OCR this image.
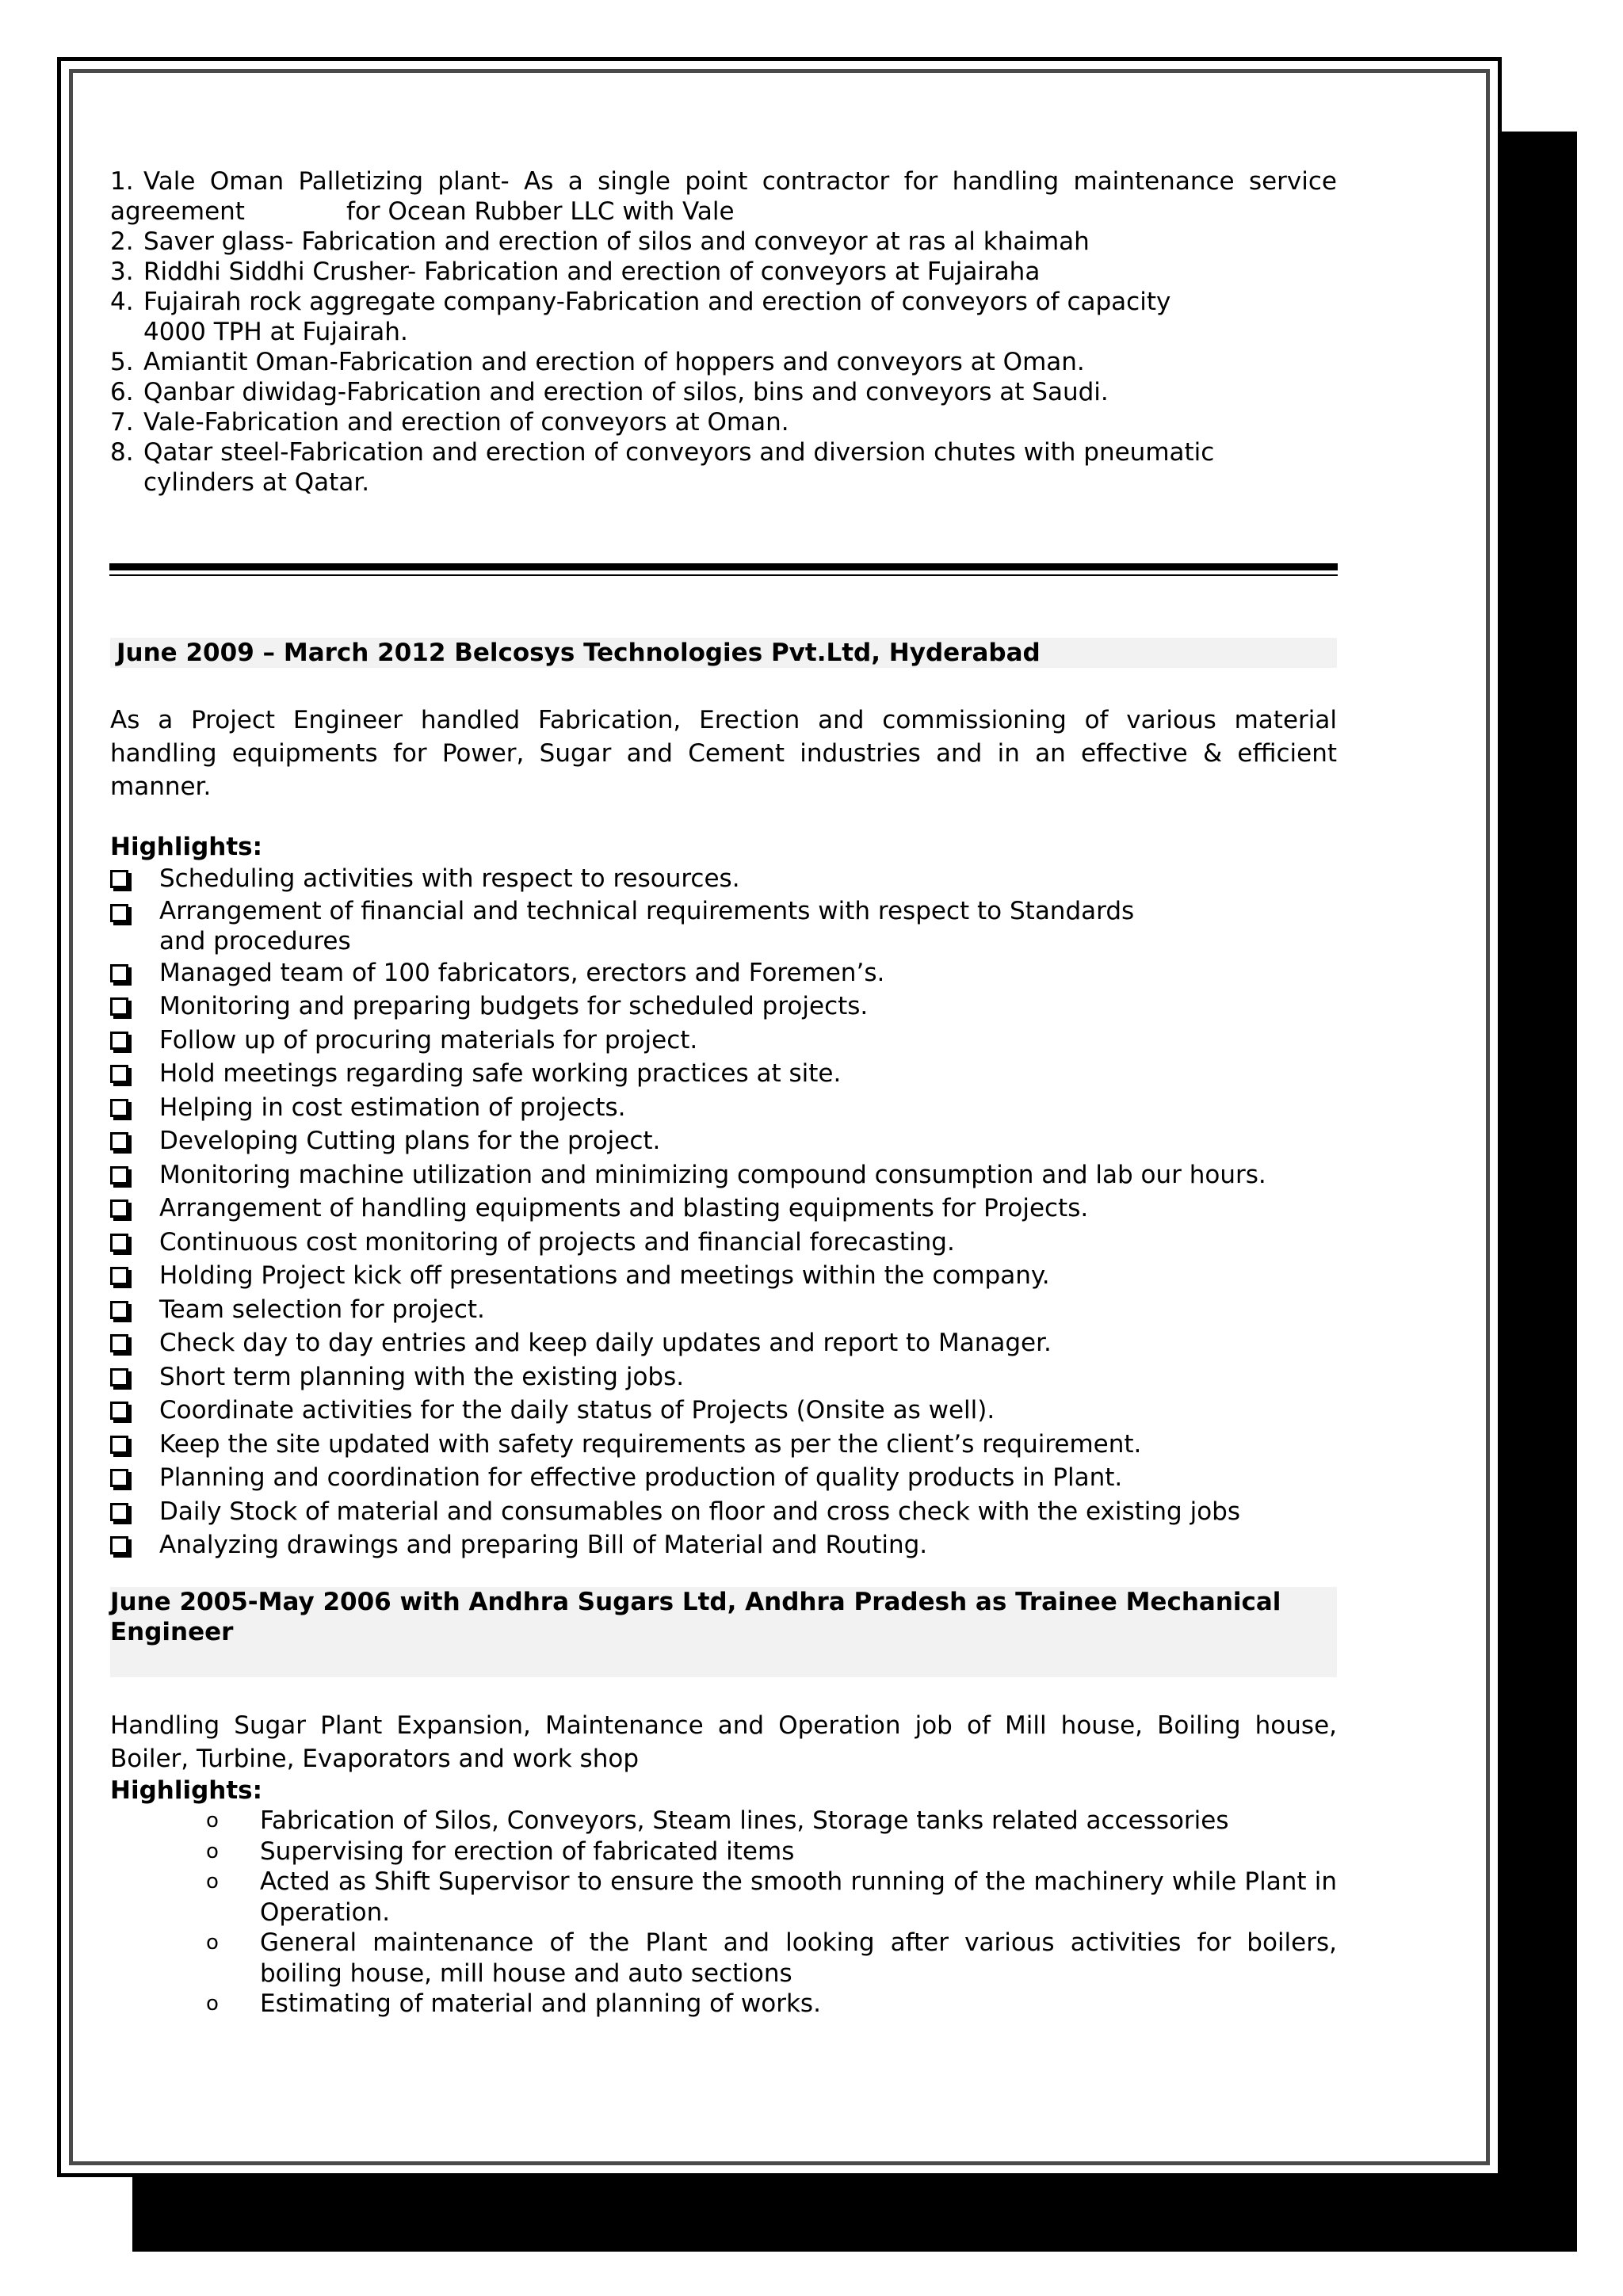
1. Vale Oman Palletizing plant- As a single point contractor for handling maintenance service
agreement             for Ocean Rubber LLC with Vale
2. Saver glass- Fabrication and erection of silos and conveyor at ras al khaimah
3. Riddhi Siddhi Crusher- Fabrication and erection of conveyors at Fujairaha
4. Fujairah rock aggregate company-Fabrication and erection of conveyors of capacity
4000 TPH at Fujairah.
5. Amiantit Oman-Fabrication and erection of hoppers and conveyors at Oman.
6. Qanbar diwidag-Fabrication and erection of silos, bins and conveyors at Saudi.
7. Vale-Fabrication and erection of conveyors at Oman.
8. Qatar steel-Fabrication and erection of conveyors and diversion chutes with pneumatic
cylinders at Qatar.
June 2009 – March 2012 Belcosys Technologies Pvt.Ltd, Hyderabad

As a Project Engineer handled Fabrication, Erection and commissioning of various material handling equipments for Power, Sugar and Cement industries and in an effective & efficient manner.

Highlights:
Scheduling activities with respect to resources.
Arrangement of financial and technical requirements with respect to Standards and procedures
Managed team of 100 fabricators, erectors and Foremen’s.
Monitoring and preparing budgets for scheduled projects.
Follow up of procuring materials for project.
Hold meetings regarding safe working practices at site.
Helping in cost estimation of projects.
Developing Cutting plans for the project.
Monitoring machine utilization and minimizing compound consumption and lab our hours.
Arrangement of handling equipments and blasting equipments for Projects.
Continuous cost monitoring of projects and financial forecasting.
Holding Project kick off presentations and meetings within the company.
Team selection for project.
Check day to day entries and keep daily updates and report to Manager.
Short term planning with the existing jobs.
Coordinate activities for the daily status of Projects (Onsite as well).
Keep the site updated with safety requirements as per the client’s requirement.
Planning and coordination for effective production of quality products in Plant.
Daily Stock of material and consumables on floor and cross check with the existing jobs
Analyzing drawings and preparing Bill of Material and Routing.
June 2005-May 2006 with Andhra Sugars Ltd, Andhra Pradesh as Trainee Mechanical Engineer

Handling Sugar Plant Expansion, Maintenance and Operation job of Mill house, Boiling house, Boiler, Turbine, Evaporators and work shop

Highlights:
o	Fabrication of Silos, Conveyors, Steam lines, Storage tanks related accessories
o	Supervising for erection of fabricated items
o	Acted as Shift Supervisor to ensure the smooth running of the machinery while Plant in Operation.
o	General maintenance of the Plant and looking after various activities for boilers, boiling house, mill house and auto sections
o	Estimating of material and planning of works.
